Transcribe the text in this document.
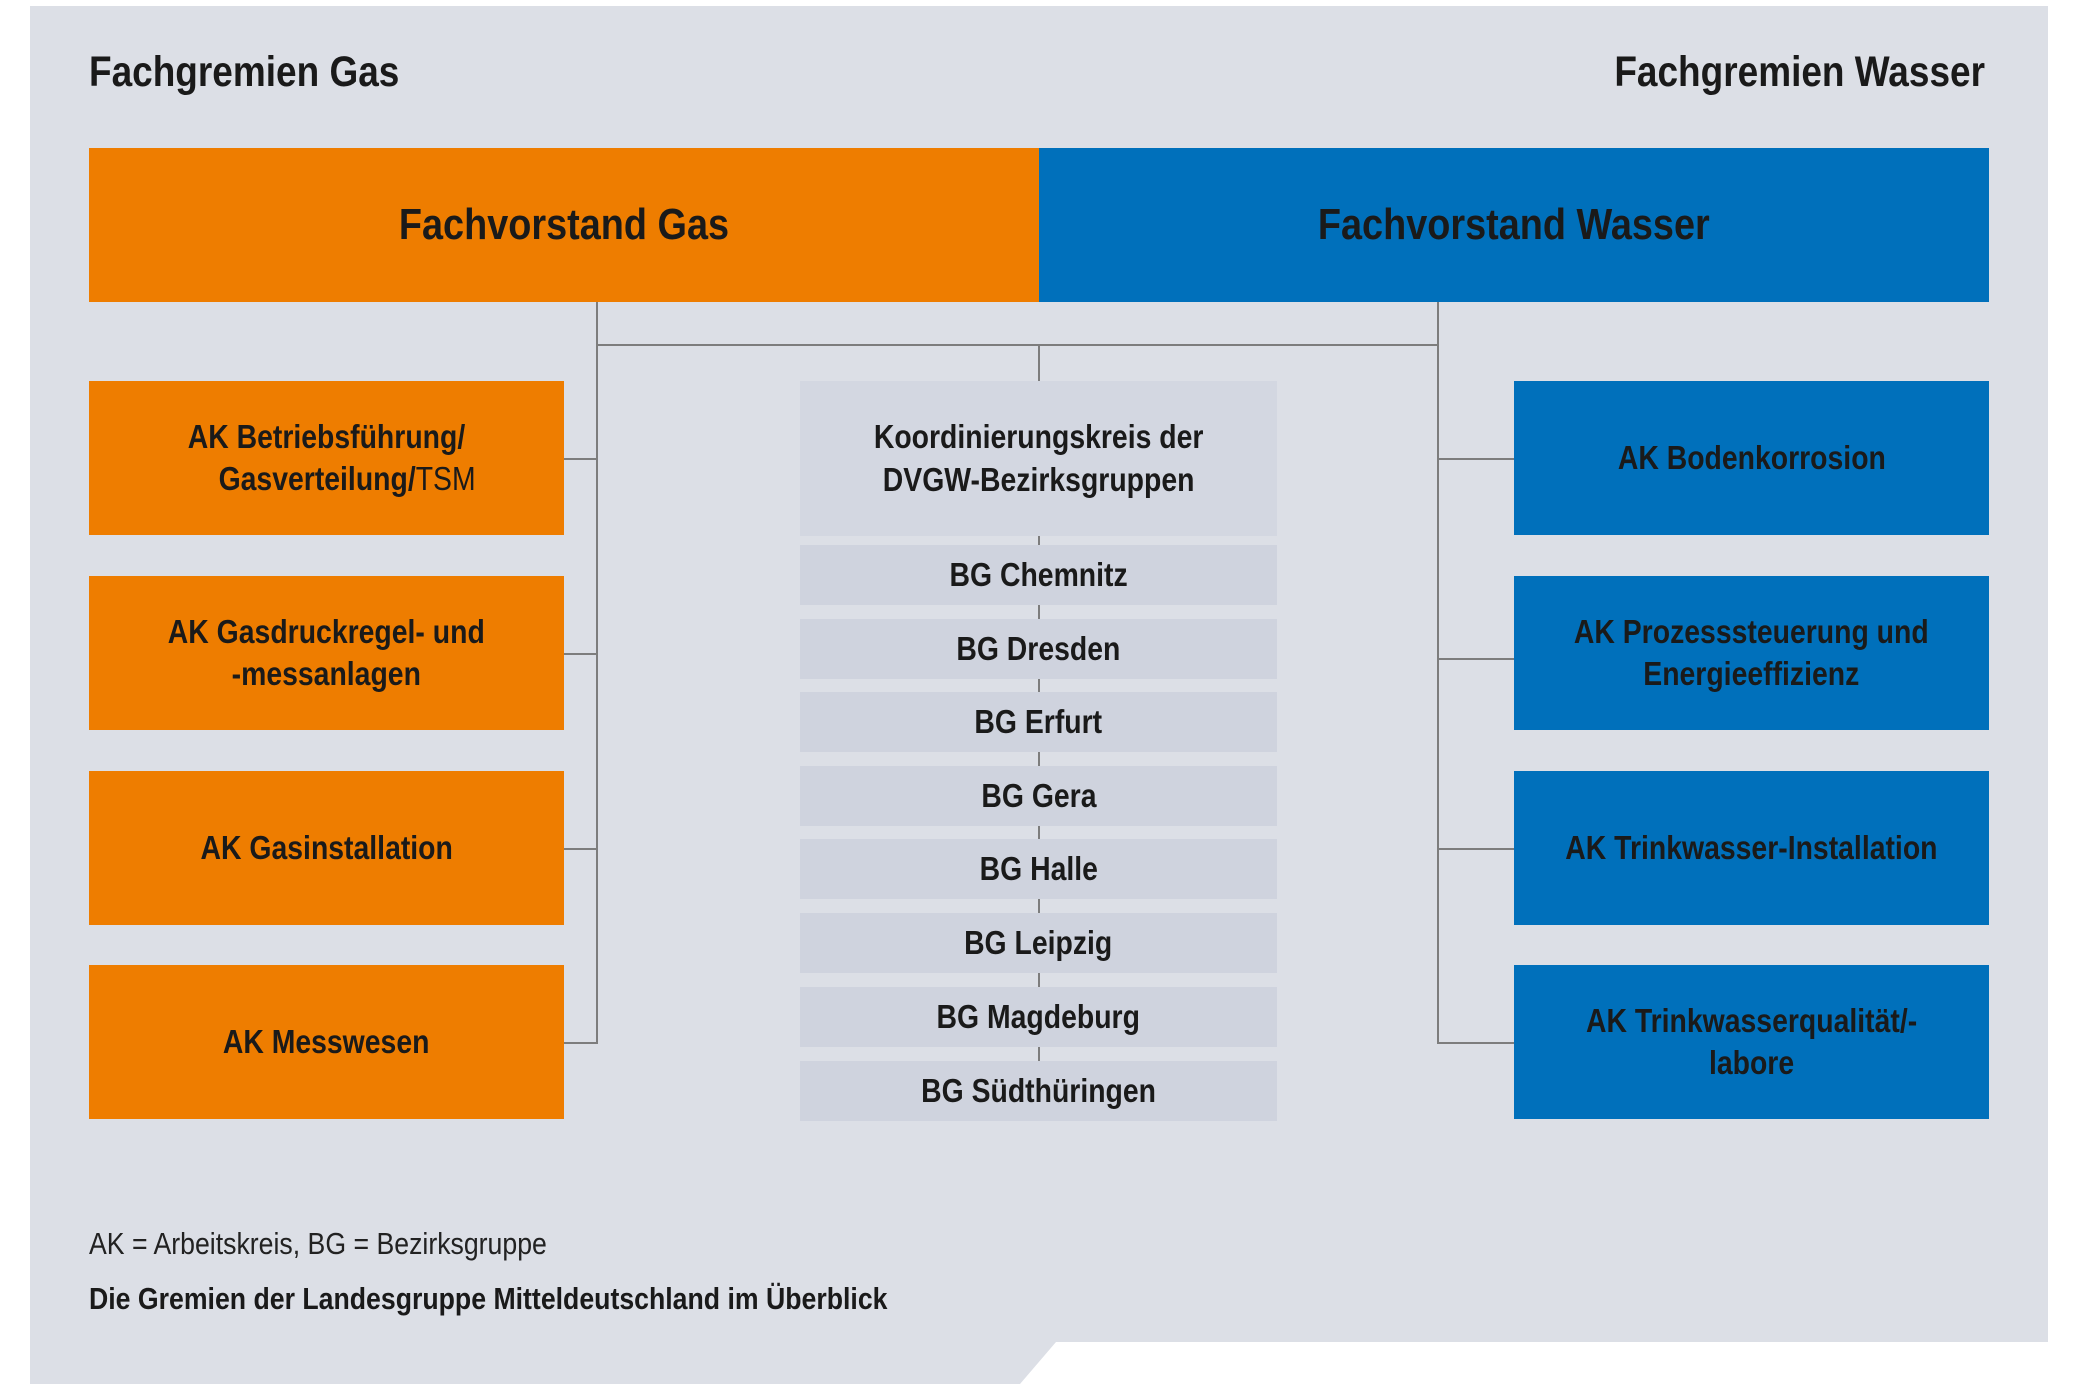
Fachgremien Gas	Fachgremien Wasser
Fachvorstand Gas	Fachvorstand Wasser
AK Betriebsführung/
Gasverteilung/TSM
AK Gasdruckregel- und
-messanlagen
AK Gasinstallation
AK Messwesen
Koordinierungskreis der
DVGW-Bezirksgruppen
BG Chemnitz
BG Dresden
BG Erfurt
BG Gera
BG Halle
BG Leipzig
BG Magdeburg
BG Südthüringen
AK Bodenkorrosion
AK Prozesssteuerung und
Energieeffizienz
AK Trinkwasser-Installation
AK Trinkwasserqualität/-
labore
AK = Arbeitskreis, BG = Bezirksgruppe
Die Gremien der Landesgruppe Mitteldeutschland im Überblick
